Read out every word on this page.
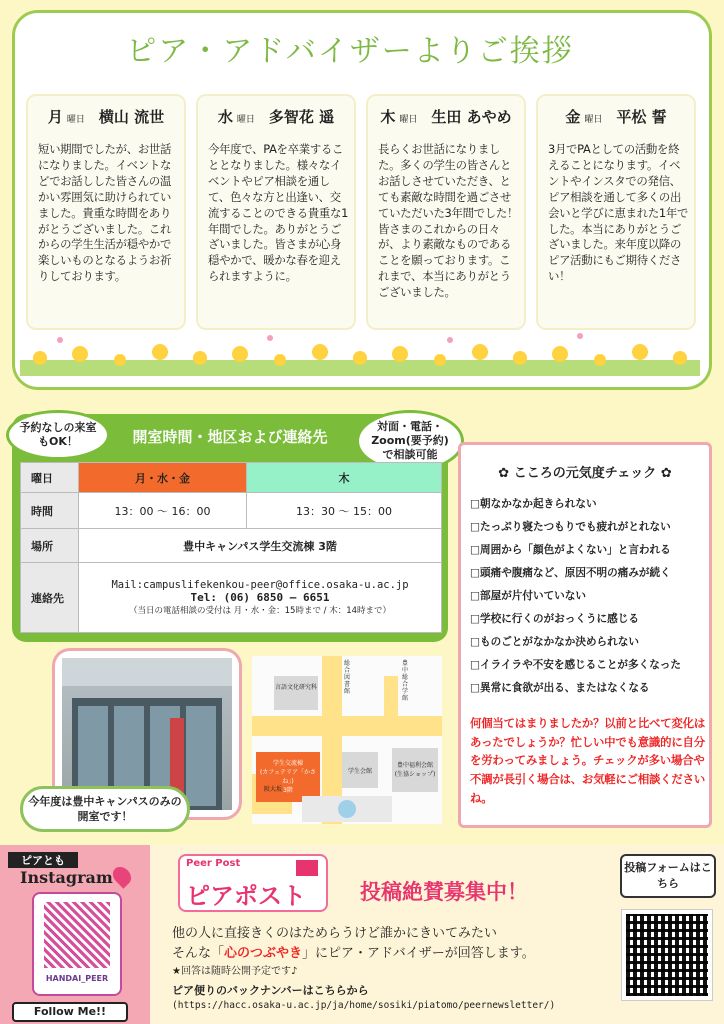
ピア・アドバイザーよりご挨拶
月 曜日 横山 流世
短い期間でしたが、お世話になりました。イベントなどでお話しした皆さんの温かい雰囲気に助けられていました。貴重な時間をありがとうございました。これからの学生生活が穏やかで楽しいものとなるようお祈りしております。
水 曜日 多智花 遥
今年度で、PAを卒業することとなりました。様々なイベントやピア相談を通して、色々な方と出逢い、交流することのできる貴重な1年間でした。ありがとうございました。皆さまが心身穏やかで、暖かな春を迎えられますように。
木 曜日 生田 あやめ
長らくお世話になりました。多くの学生の皆さんとお話しさせていただき、とても素敵な時間を過ごさせていただいた3年間でした！皆さまのこれからの日々が、より素敵なものであることを願っております。これまで、本当にありがとうございました。
金 曜日 平松 誓
3月でPAとしての活動を終えることになります。イベントやインスタでの発信、ピア相談を通して多くの出会いと学びに恵まれた1年でした。本当にありがとうございました。来年度以降のピア活動にもご期待ください！
開室時間・地区および連絡先
予約なしの来室もOK！
対面・電話・Zoom(要予約)で相談可能
曜日	月・水・金	木
時間	13：00 〜 16：00	13：30 〜 15：00
場所	豊中キャンパス学生交流棟 3階	
連絡先	Mail:campuslifekenkou-peer@office.osaka-u.ac.jp
Tel: (06) 6850 – 6651
（当日の電話相談の受付は 月・水・金：15時まで / 木：14時まで）	
✿ こころの元気度チェック ✿
□朝なかなか起きられない
□たっぷり寝たつもりでも疲れがとれない
□周囲から「顔色がよくない」と言われる
□頭痛や腹痛など、原因不明の痛みが続く
□部屋が片付いていない
□学校に行くのがおっくうに感じる
□ものごとがなかなか決められない
□イライラや不安を感じることが多くなった
□異常に食欲が出る、またはなくなる
何個当てはまりましたか？以前と比べて変化はあったでしょうか？忙しい中でも意識的に自分を労わってみましょう。チェックが多い場合や不調が長引く場合は、お気軽にご相談くださいね。
言語文化研究科
学生交流棟
(カフェテリア「かさね」)
3階
学生会館
豊中福利会館
(生協ショップ)
総合図書館
豊中総合学館
阪大坂
今年度は豊中キャンパスのみの開室です！
ピアとも
Instagram
HANDAI_PEER
Follow Me!!
Peer Post
ピアポスト	投稿絶賛募集中！
他の人に直接きくのはためらうけど誰かにきいてみたい
そんな「心のつぶやき」にピア・アドバイザーが回答します。
★回答は随時公開予定です♪
ピア便りのバックナンバーはこちらから
(https://hacc.osaka-u.ac.jp/ja/home/sosiki/piatomo/peernewsletter/)
投稿フォームはこちら
